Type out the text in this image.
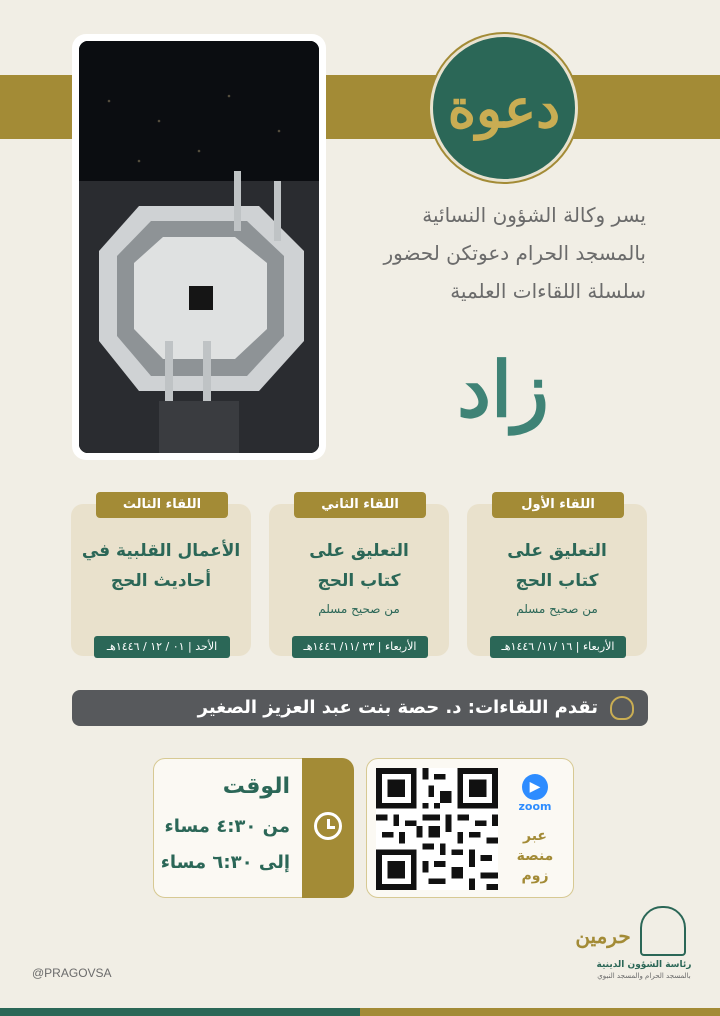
دعوة
يسر وكالة الشؤون النسائية
بالمسجد الحرام دعوتكن لحضور
سلسلة اللقاءات العلمية
زاد
اللقاء الأول
التعليق على
كتاب الحج
من صحيح مسلم
الأربعاء | ١٦ /١١/ ١٤٤٦هـ
اللقاء الثاني
التعليق على
كتاب الحج
من صحيح مسلم
الأربعاء | ٢٣ /١١/ ١٤٤٦هـ
اللقاء الثالث
الأعمال القلبية في
أحاديث الحج
الأحد | ٠١ / ١٢ / ١٤٤٦هـ
تقدم اللقاءات: د. حصة بنت عبد العزيز الصغير
الوقت
من ٤:٣٠ مساء
إلى ٦:٣٠ مساء
▶
zoom
عبر
منصة
زوم
@PRAGOVSA
حرمين
رئاسة الشؤون الدينية
بالمسجد الحرام والمسجد النبوي
